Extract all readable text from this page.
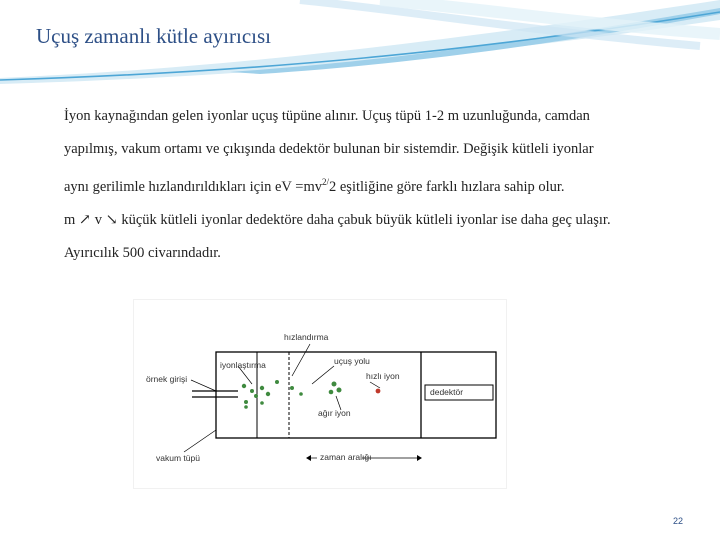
Uçuş zamanlı kütle ayırıcısı

İyon kaynağından gelen iyonlar uçuş tüpüne alınır. Uçuş tüpü 1-2 m uzunluğunda, camdan

yapılmış, vakum ortamı ve çıkışında dedektör bulunan bir sistemdir. Değişik kütleli iyonlar

aynı gerilimle hızlandırıldıkları için eV $=mv^{2/}2$ eşitliğine göre farklı hızlara sahip olur.

m ↗ v ↘ küçük kütleli iyonlar dedektöre daha çabuk büyük kütleli iyonlar ise daha geç ulaşır.

Ayırıcılık 500 civarındadır.

hızlandırma
iyonlaştırma	uçuş yolu
hızlı iyon
örnek girişi
dedektör
ağır iyon
vakum tüpü	zaman aralığı
22
